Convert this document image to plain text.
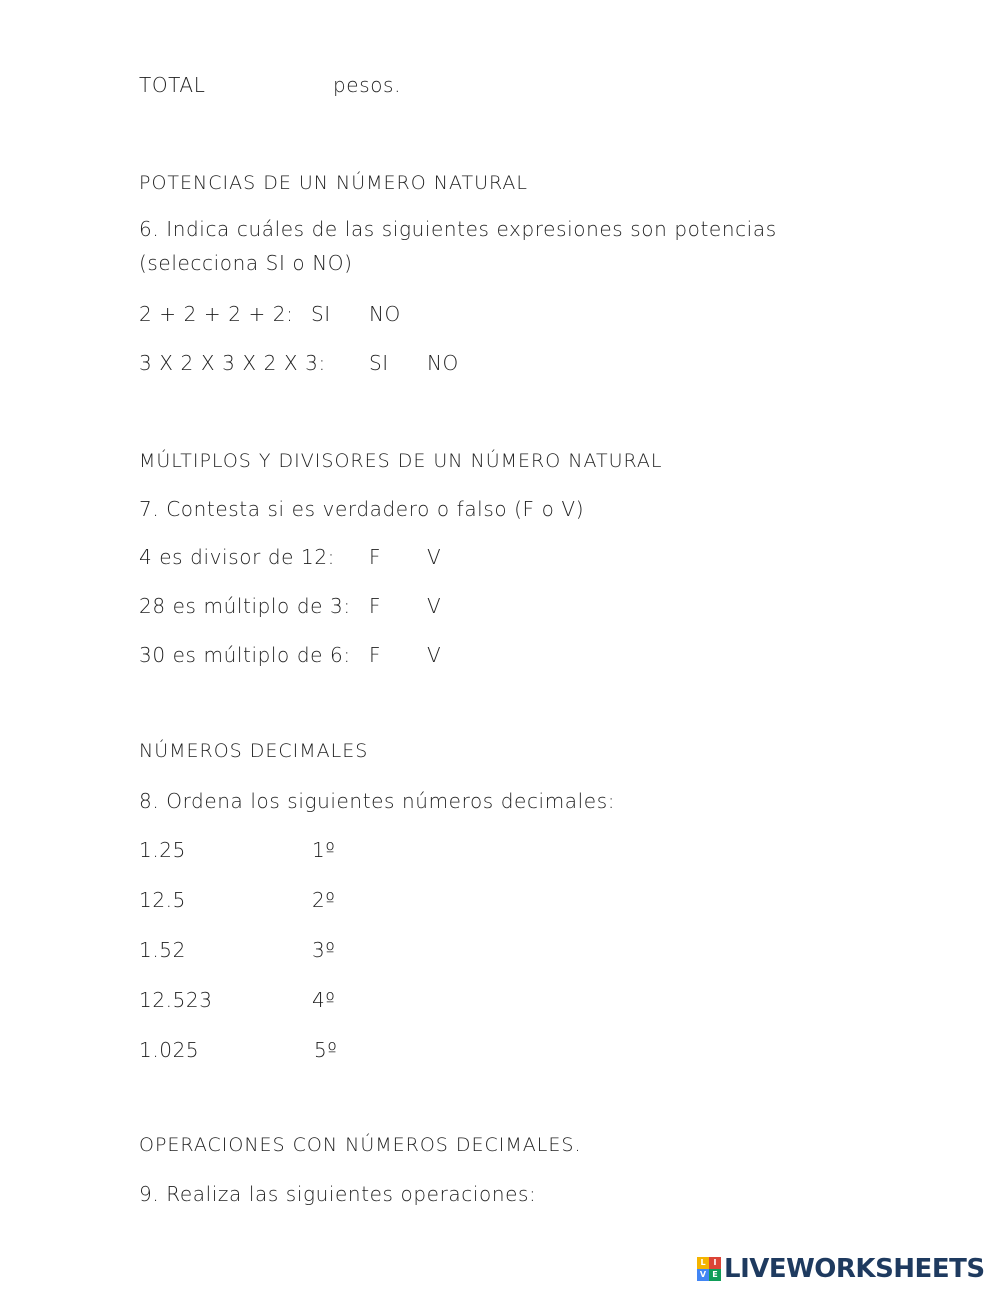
TOTAL	pesos.
POTENCIAS DE UN NÚMERO NATURAL
6. Indica cuáles de las siguientes expresiones son potencias (selecciona SI o NO)
2 + 2 + 2 + 2: SI NO
3 X 2 X 3 X 2 X 3: SI NO
MÚLTIPLOS Y DIVISORES DE UN NÚMERO NATURAL
7. Contesta si es verdadero o falso (F o V)
4 es divisor de 12: F V
28 es múltiplo de 3: F V
30 es múltiplo de 6: F V
NÚMEROS DECIMALES
8. Ordena los siguientes números decimales:
1.25	1º
12.5	2º
1.52	3º
12.523	4º
1.025	5º
OPERACIONES CON NÚMEROS DECIMALES.
9. Realiza las siguientes operaciones:
L I
V E LIVEWORKSHEETS
